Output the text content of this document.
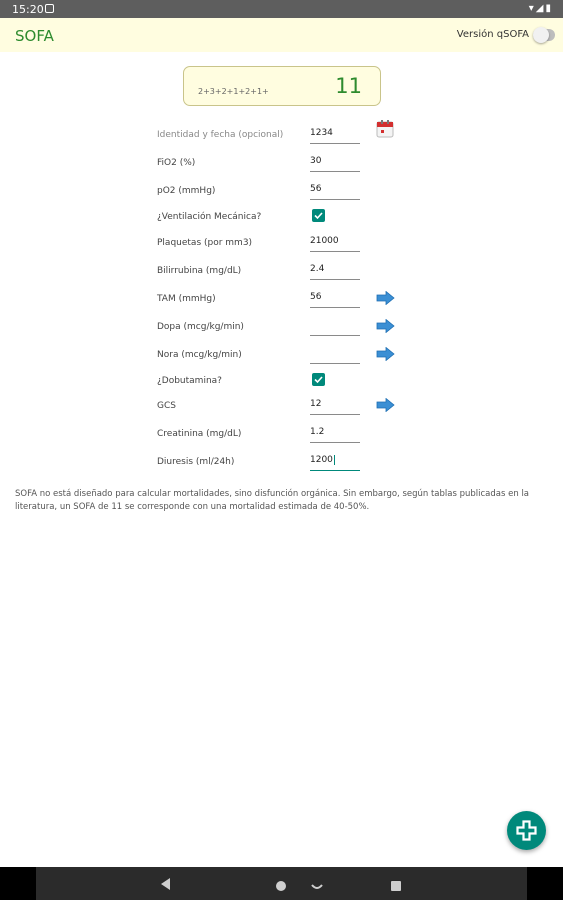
15:20	▾◢▮
SOFA	Versión qSOFA
2+3+2+1+2+1+	11
Identidad y fecha (opcional)	1234
FiO2 (%)	30
pO2 (mmHg)	56
¿Ventilación Mecánica?
Plaquetas (por mm3)	21000
Bilirrubina (mg/dL)	2.4
TAM (mmHg)	56
Dopa (mcg/kg/min)
Nora (mcg/kg/min)
¿Dobutamina?
GCS	12
Creatinina (mg/dL)	1.2
Diuresis (ml/24h)	1200
SOFA no está diseñado para calcular mortalidades, sino disfunción orgánica. Sin embargo, según tablas publicadas en la literatura, un SOFA de 11 se corresponde con una mortalidad estimada de 40-50%.
